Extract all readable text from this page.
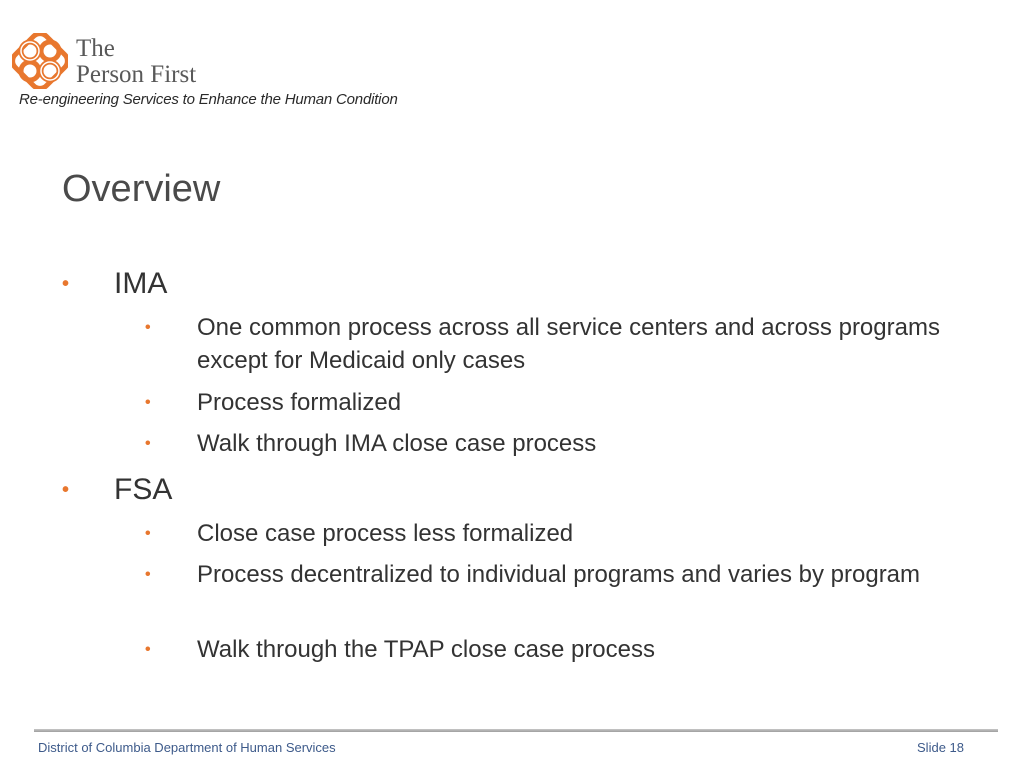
The
Person First
Re-engineering Services to Enhance the Human Condition
Overview
• IMA
• One common process across all service centers and across programs except for Medicaid only cases
• Process formalized
• Walk through IMA close case process
• FSA
• Close case process less formalized
• Process decentralized to individual programs and varies by program
• Walk through the TPAP close case process
District of Columbia Department of Human Services	Slide 18
